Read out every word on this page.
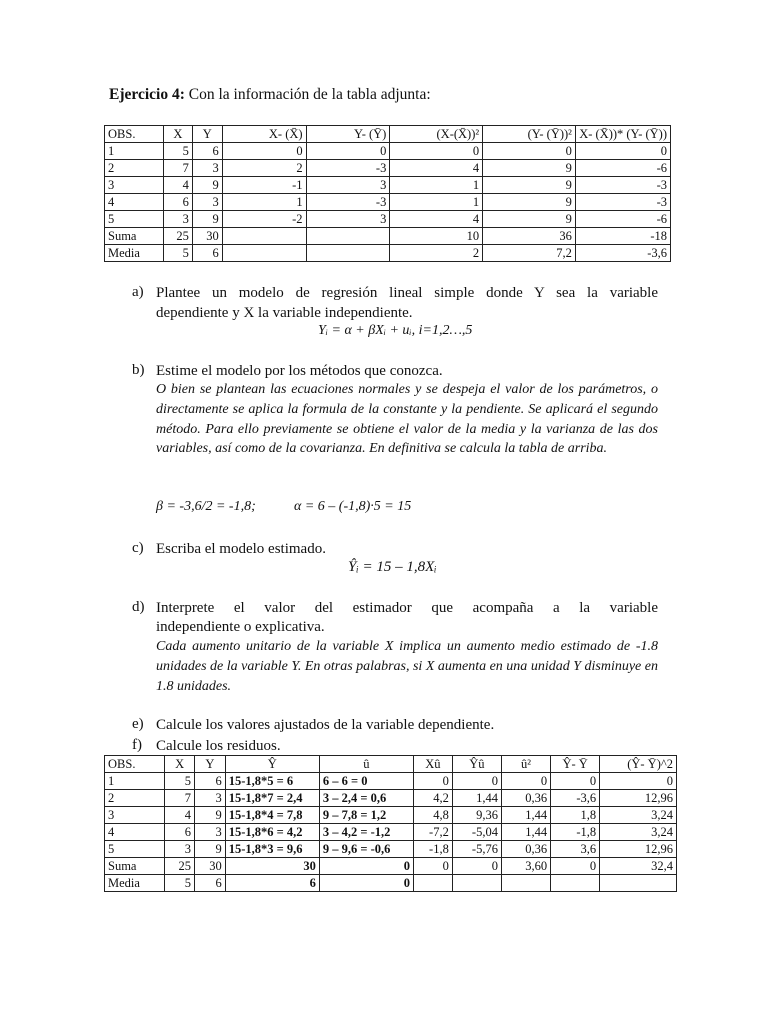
Ejercicio 4: Con la información de la tabla adjunta:
OBS.	X	Y	X- (X̄)	Y- (Ȳ)	(X-(X̄))²	(Y- (Ȳ))²	X- (X̄))* (Y- (Ȳ))
1	5	6	0	0	0	0	0
2	7	3	2	-3	4	9	-6
3	4	9	-1	3	1	9	-3
4	6	3	1	-3	1	9	-3
5	3	9	-2	3	4	9	-6
Suma	25	30			10	36	-18
Media	5	6			2	7,2	-3,6
a) Plantee un modelo de regresión lineal simple donde Y sea la variable
dependiente y X la variable independiente.
Yᵢ = α + βXᵢ + uᵢ, i=1,2…,5
b) Estime el modelo por los métodos que conozca.
O bien se plantean las ecuaciones normales y se despeja el valor de los parámetros, o directamente se aplica la formula de la constante y la pendiente. Se aplicará el segundo método. Para ello previamente se obtiene el valor de la media y la varianza de las dos variables, así como de la covarianza. En definitiva se calcula la tabla de arriba.
β = -3,6/2 = -1,8;	α = 6 – (-1,8)·5 = 15
c) Escriba el modelo estimado.
Ŷᵢ = 15 – 1,8Xᵢ
d) Interprete el valor del estimador que acompaña a la variable
independiente o explicativa.
Cada aumento unitario de la variable X implica un aumento medio estimado de -1.8 unidades de la variable Y. En otras palabras, si X aumenta en una unidad Y disminuye en 1.8 unidades.
e) Calcule los valores ajustados de la variable dependiente.
f) Calcule los residuos.
OBS.	X	Y	Ŷ	û	Xû	Ŷû	û²	Ŷ- Ȳ	(Ŷ- Ȳ)^2
1	5	6	15-1,8*5 = 6	6 – 6 = 0	0	0	0	0	0
2	7	3	15-1,8*7 = 2,4	3 – 2,4 = 0,6	4,2	1,44	0,36	-3,6	12,96
3	4	9	15-1,8*4 = 7,8	9 – 7,8 = 1,2	4,8	9,36	1,44	1,8	3,24
4	6	3	15-1,8*6 = 4,2	3 – 4,2 = -1,2	-7,2	-5,04	1,44	-1,8	3,24
5	3	9	15-1,8*3 = 9,6	9 – 9,6 = -0,6	-1,8	-5,76	0,36	3,6	12,96
Suma	25	30	30	0	0	0	3,60	0	32,4
Media	5	6	6	0					
